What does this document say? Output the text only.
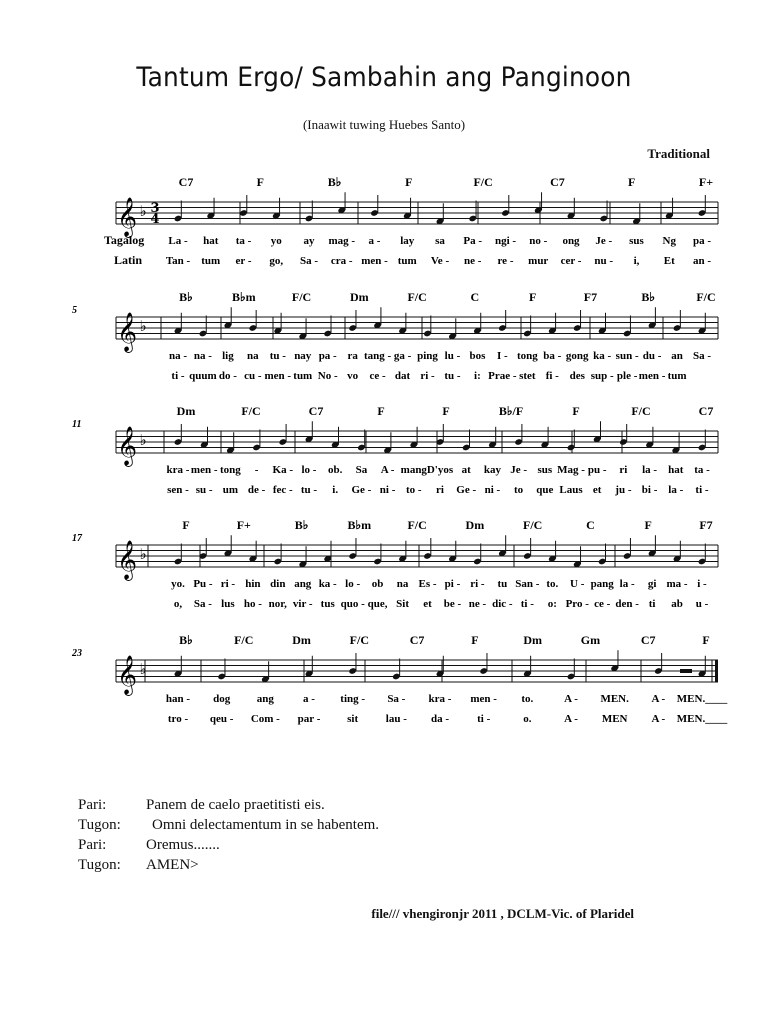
Tantum Ergo/ Sambahin ang Panginoon
(Inaawit tuwing Huebes Santo)
Traditional
𝄞 ♭ 3
4
C7	F	B♭	F	F/C	C7	F	F+
Tagalog
Latin
La - hat ta - yo ay mag - a - lay sa Pa - ngi - no - ong Je - sus Ng pa -
Tan - tum er - go, Sa - cra - men - tum Ve - ne - re - mur cer - nu - i, Et an -
𝄞 ♭
5
B♭	B♭m	F/C	Dm	F/C	C	F	F7	B♭	F/C
na - na - lig na tu - nay pa - ra tang - ga - ping lu - bos I - tong ba - gong ka - sun - du - an Sa -
ti - quum do - cu - men - tum No - vo ce - dat ri - tu - i: Prae - stet fi - des sup - ple - men - tum
𝄞 ♭
11
Dm	F/C	C7	F	F	B♭/F	F	F/C	C7
kra - men - tong - Ka - lo - ob. Sa A - mang D'yos at kay Je - sus Mag - pu - ri la - hat ta -
sen - su - um de - fec - tu - i. Ge - ni - to - ri Ge - ni - to que Laus et ju - bi - la - ti -
𝄞 ♭
17
F	F+	B♭	B♭m	F/C	Dm	F/C	C	F	F7
yo. Pu - ri - hin din ang ka - lo - ob na Es - pi - ri - tu San - to. U - pang la - gi ma - i -
o, Sa - lus ho - nor, vir - tus quo - que, Sit et be - ne - dic - ti - o: Pro - ce - den - ti ab u -
𝄞 ♭
23
B♭	F/C	Dm	F/C	C7	F	Dm	Gm	C7	F
han - dog ang	a - ting - Sa - kra - men - to.	A - MEN. A - MEN.____
tro - qeu - Com - par - sit	lau - da -	ti -	o.	A - MEN A - MEN.____
Pari:	Panem de caelo praetitisti eis.
Tugon:	Omni delectamentum in se habentem.
Pari:	Oremus.......
Tugon:	AMEN>
file/// vhengironjr 2011 , DCLM-Vic. of Plaridel
